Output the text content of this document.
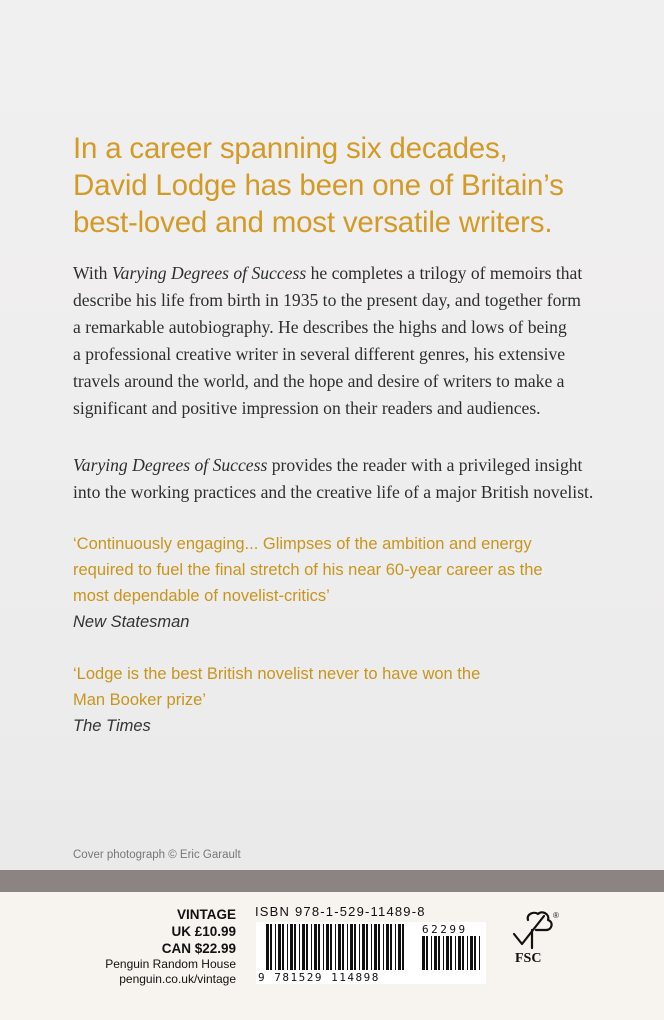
In a career spanning six decades,
David Lodge has been one of Britain’s
best-loved and most versatile writers.

With Varying Degrees of Success he completes a trilogy of memoirs that
describe his life from birth in 1935 to the present day, and together form
a remarkable autobiography. He describes the highs and lows of being
a professional creative writer in several different genres, his extensive
travels around the world, and the hope and desire of writers to make a
significant and positive impression on their readers and audiences.

Varying Degrees of Success provides the reader with a privileged insight
into the working practices and the creative life of a major British novelist.

‘Continuously engaging... Glimpses of the ambition and energy
required to fuel the final stretch of his near 60-year career as the
most dependable of novelist-critics’
New Statesman
‘Lodge is the best British novelist never to have won the
Man Booker prize’
The Times
Cover photograph © Eric Garault
VINTAGE
UK £10.99
CAN $22.99
Penguin Random House
penguin.co.uk/vintage
ISBN 978-1-529-11489-8
9 781529 114898
62299
®
FSC
